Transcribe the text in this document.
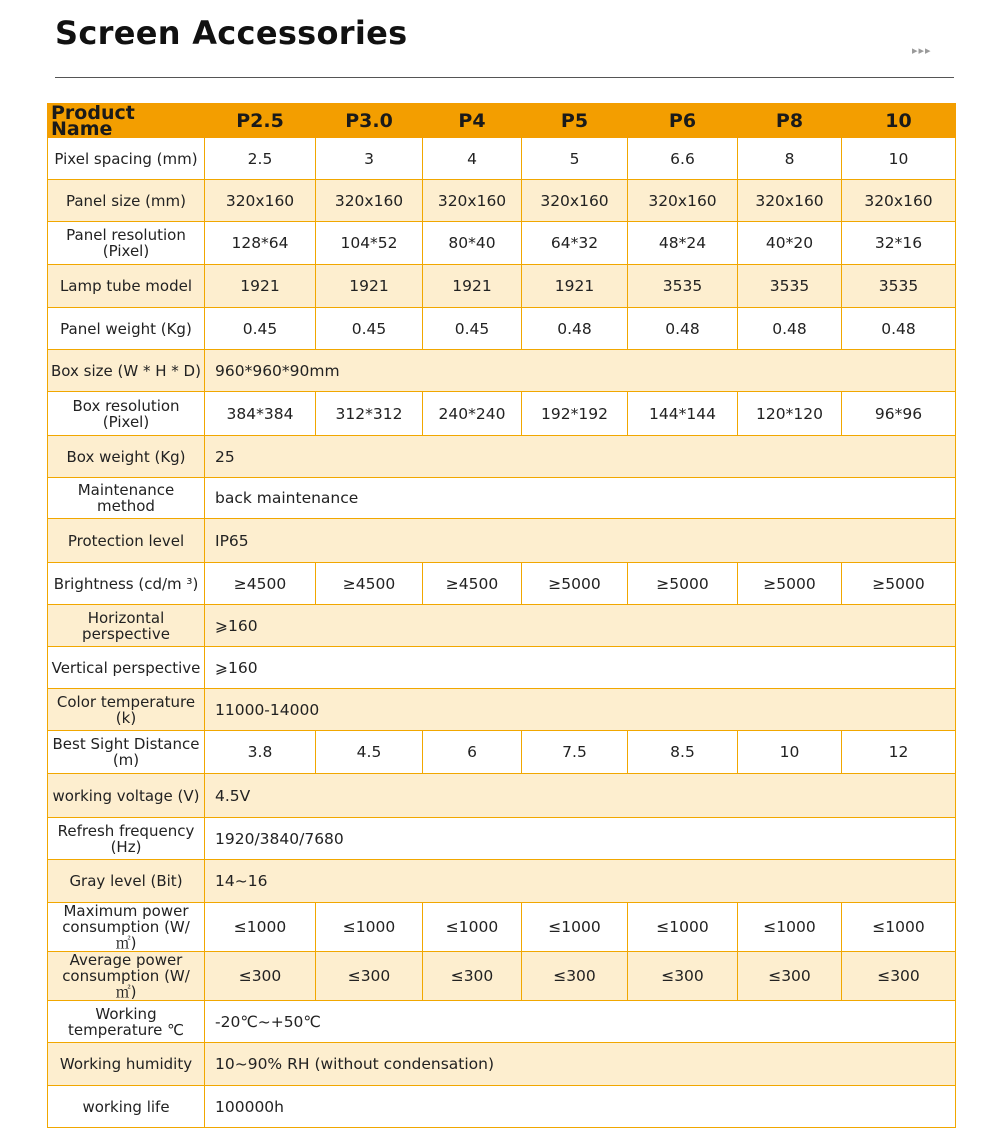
Screen Accessories	▸▸▸
Product Name	P2.5	P3.0	P4	P5	P6	P8	10
Pixel spacing (mm)	2.5	3	4	5	6.6	8	10
Panel size (mm)	320x160	320x160	320x160	320x160	320x160	320x160	320x160
Panel resolution (Pixel)	128*64	104*52	80*40	64*32	48*24	40*20	32*16
Lamp tube model	1921	1921	1921	1921	3535	3535	3535
Panel weight (Kg)	0.45	0.45	0.45	0.48	0.48	0.48	0.48
Box size (W * H * D)	960*960*90mm						
Box resolution (Pixel)	384*384	312*312	240*240	192*192	144*144	120*120	96*96
Box weight (Kg)	25						
Maintenance method	back maintenance						
Protection level	IP65						
Brightness (cd/m ³)	≥4500	≥4500	≥4500	≥5000	≥5000	≥5000	≥5000
Horizontal perspective	⩾160						
Vertical perspective	⩾160						
Color temperature (k)	11000-14000						
Best Sight Distance (m)	3.8	4.5	6	7.5	8.5	10	12
working voltage (V)	4.5V						
Refresh frequency (Hz)	1920/3840/7680						
Gray level (Bit)	14~16						
Maximum power consumption (W/ ㎡)	≤1000	≤1000	≤1000	≤1000	≤1000	≤1000	≤1000
Average power consumption (W/ ㎡)	≤300	≤300	≤300	≤300	≤300	≤300	≤300
Working temperature ℃	-20℃~+50℃						
Working humidity	10~90% RH (without condensation)						
working life	100000h						
